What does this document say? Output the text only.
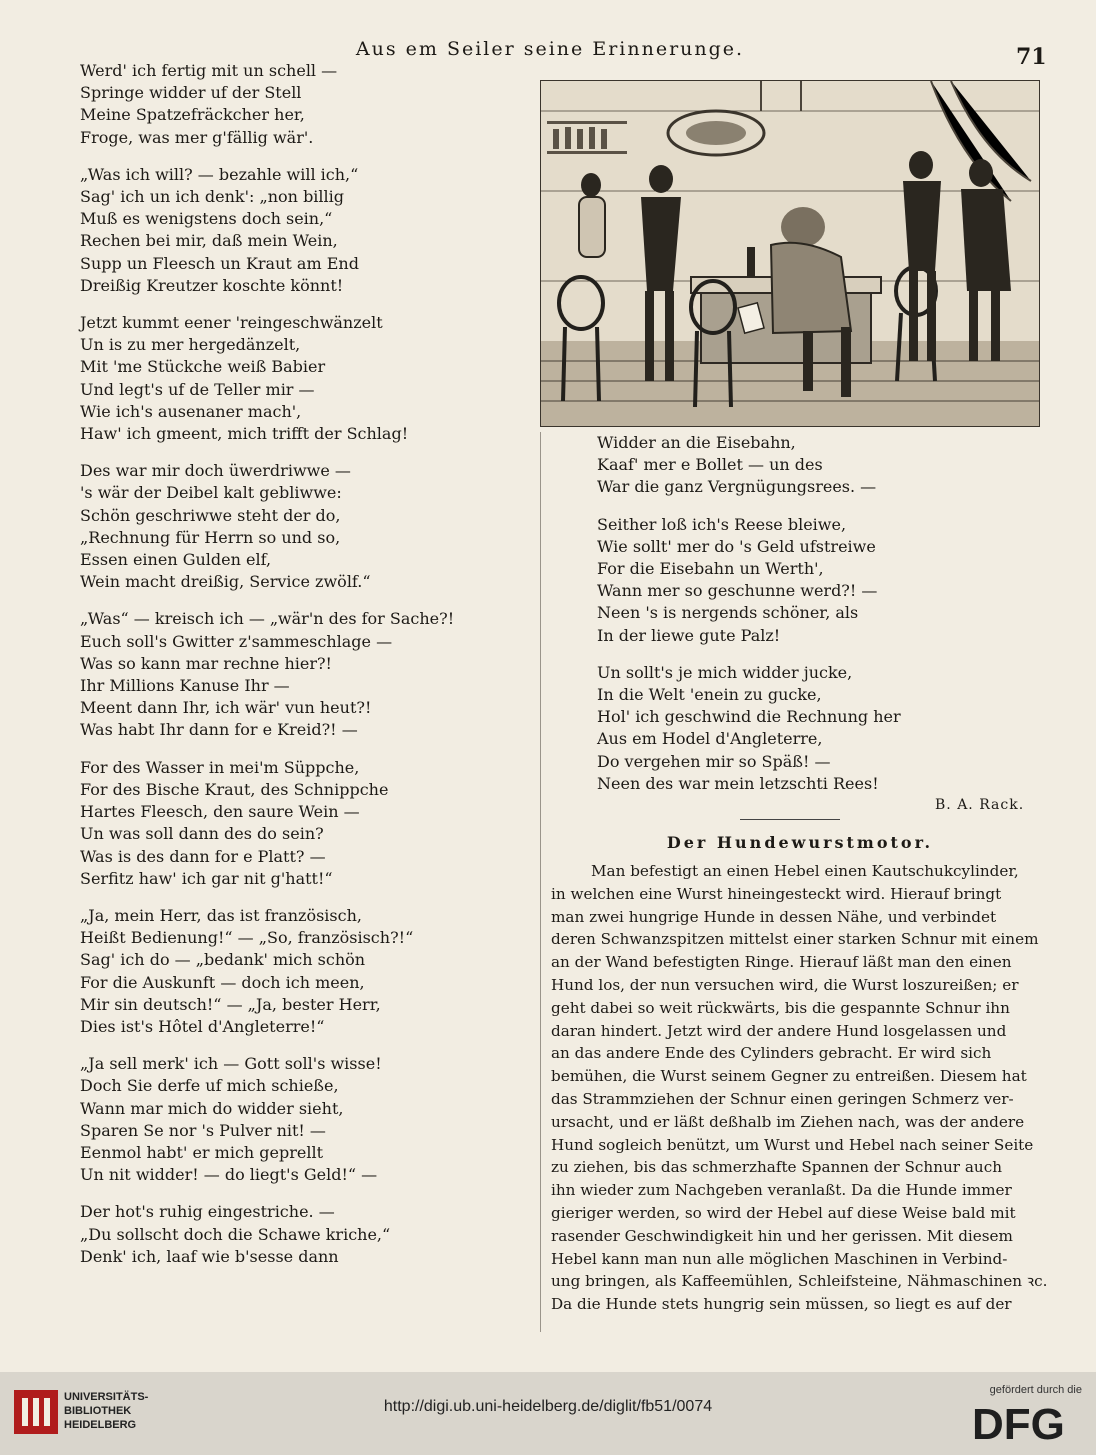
Aus em Seiler seine Erinnerunge.	71
Werd' ich fertig mit un schell —
Springe widder uf der Stell
Meine Spatzefräckcher her,
Froge, was mer g'fällig wär'.
„Was ich will? — bezahle will ich,“
Sag' ich un ich denk': „non billig
Muß es wenigstens doch sein,“
Rechen bei mir, daß mein Wein,
Supp un Fleesch un Kraut am End
Dreißig Kreutzer koschte könnt!
Jetzt kummt eener 'reingeschwänzelt
Un is zu mer hergedänzelt,
Mit 'me Stückche weiß Babier
Und legt's uf de Teller mir —
Wie ich's ausenaner mach',
Haw' ich gmeent, mich trifft der Schlag!
Des war mir doch üwerdriwwe —
's wär der Deibel kalt gebliwwe:
Schön geschriwwe steht der do,
„Rechnung für Herrn so und so,
Essen einen Gulden elf,
Wein macht dreißig, Service zwölf.“
„Was“ — kreisch ich — „wär'n des for Sache?!
Euch soll's Gwitter z'sammeschlage —
Was so kann mar rechne hier?!
Ihr Millions Kanuse Ihr —
Meent dann Ihr, ich wär' vun heut?!
Was habt Ihr dann for e Kreid?! —
For des Wasser in mei'm Süppche,
For des Bische Kraut, des Schnippche
Hartes Fleesch, den saure Wein —
Un was soll dann des do sein?
Was is des dann for e Platt? —
Serfitz haw' ich gar nit g'hatt!“
„Ja, mein Herr, das ist französisch,
Heißt Bedienung!“ — „So, französisch?!“
Sag' ich do — „bedank' mich schön
For die Auskunft — doch ich meen,
Mir sin deutsch!“ — „Ja, bester Herr,
Dies ist's Hôtel d'Angleterre!“
„Ja sell merk' ich — Gott soll's wisse!
Doch Sie derfe uf mich schieße,
Wann mar mich do widder sieht,
Sparen Se nor 's Pulver nit! —
Eenmol habt' er mich geprellt
Un nit widder! — do liegt's Geld!“ —
Der hot's ruhig eingestriche. —
„Du sollscht doch die Schawe kriche,“
Denk' ich, laaf wie b'sesse dann
Widder an die Eisebahn,
Kaaf' mer e Bollet — un des
War die ganz Vergnügungsrees. —
Seither loß ich's Reese bleiwe,
Wie sollt' mer do 's Geld ufstreiwe
For die Eisebahn un Werth',
Wann mer so geschunne werd?! —
Neen 's is nergends schöner, als
In der liewe gute Palz!
Un sollt's je mich widder jucke,
In die Welt 'enein zu gucke,
Hol' ich geschwind die Rechnung her
Aus em Hodel d'Angleterre,
Do vergehen mir so Späß! —
Neen des war mein letzschti Rees!
B. A. Rack.
Der Hundewurstmotor.
Man befestigt an einen Hebel einen Kautschukcylinder,
in welchen eine Wurst hineingesteckt wird. Hierauf bringt
man zwei hungrige Hunde in dessen Nähe, und verbindet
deren Schwanzspitzen mittelst einer starken Schnur mit einem
an der Wand befestigten Ringe. Hierauf läßt man den einen
Hund los, der nun versuchen wird, die Wurst loszureißen; er
geht dabei so weit rückwärts, bis die gespannte Schnur ihn
daran hindert. Jetzt wird der andere Hund losgelassen und
an das andere Ende des Cylinders gebracht. Er wird sich
bemühen, die Wurst seinem Gegner zu entreißen. Diesem hat
das Strammziehen der Schnur einen geringen Schmerz ver-
ursacht, und er läßt deßhalb im Ziehen nach, was der andere
Hund sogleich benützt, um Wurst und Hebel nach seiner Seite
zu ziehen, bis das schmerzhafte Spannen der Schnur auch
ihn wieder zum Nachgeben veranlaßt. Da die Hunde immer
gieriger werden, so wird der Hebel auf diese Weise bald mit
rasender Geschwindigkeit hin und her gerissen. Mit diesem
Hebel kann man nun alle möglichen Maschinen in Verbind-
ung bringen, als Kaffeemühlen, Schleifsteine, Nähmaschinen ꝛc.
Da die Hunde stets hungrig sein müssen, so liegt es auf der
UNIVERSITÄTS-
BIBLIOTHEK
HEIDELBERG
http://digi.ub.uni-heidelberg.de/diglit/fb51/0074
gefördert durch die
DFG
